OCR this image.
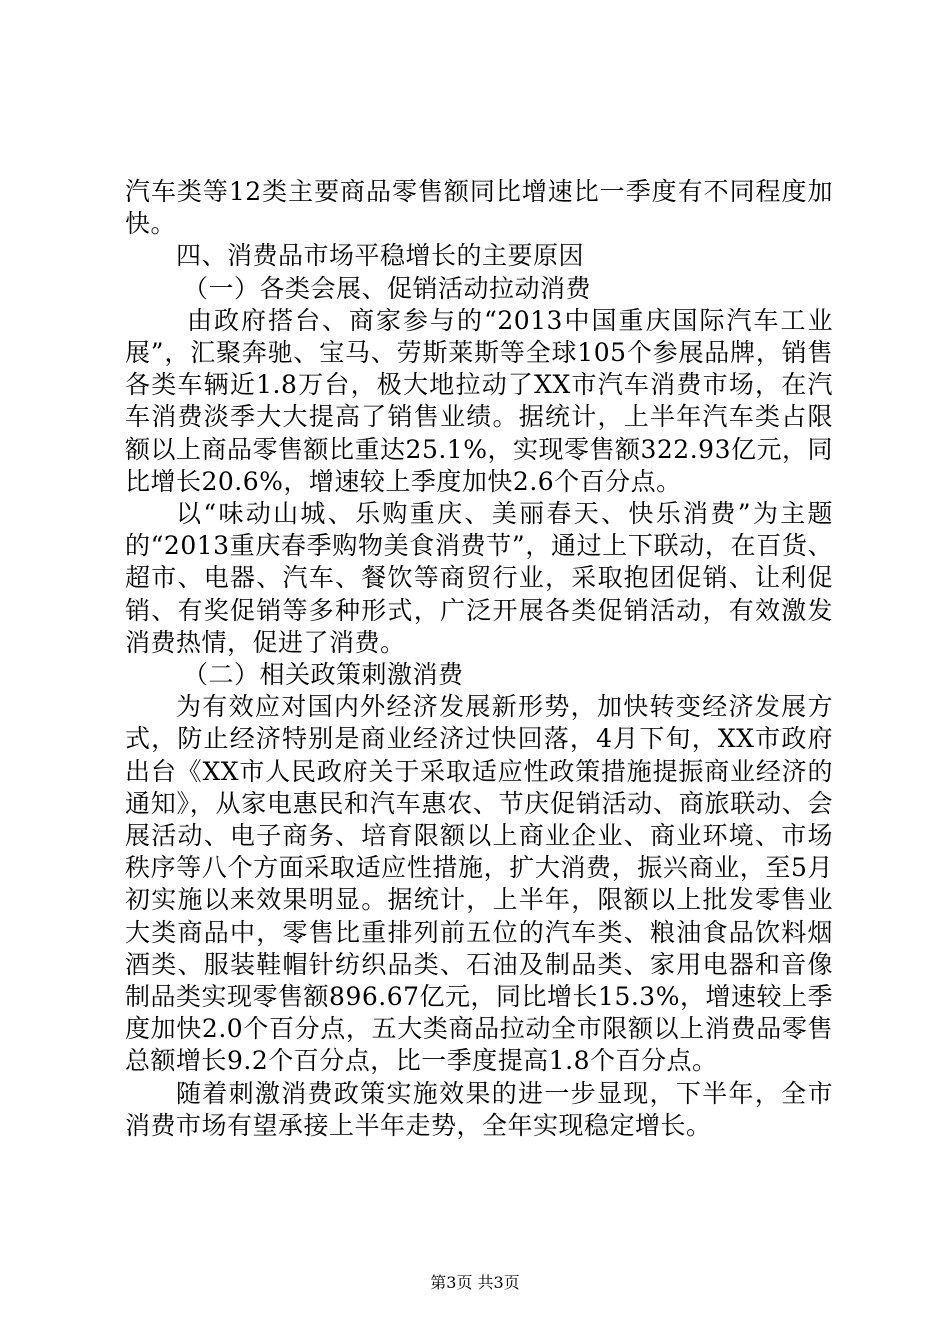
汽车类等12类主要商品零售额同比增速比一季度有不同程度加快。

四、消费品市场平稳增长的主要原因

（一）各类会展、促销活动拉动消费

由政府搭台、商家参与的“2013中国重庆国际汽车工业展”，汇聚奔驰、宝马、劳斯莱斯等全球105个参展品牌，销售各类车辆近1.8万台，极大地拉动了XX市汽车消费市场，在汽车消费淡季大大提高了销售业绩。据统计，上半年汽车类占限额以上商品零售额比重达25.1%，实现零售额322.93亿元，同比增长20.6%，增速较上季度加快2.6个百分点。

以“味动山城、乐购重庆、美丽春天、快乐消费”为主题的“2013重庆春季购物美食消费节”，通过上下联动，在百货、超市、电器、汽车、餐饮等商贸行业，采取抱团促销、让利促销、有奖促销等多种形式，广泛开展各类促销活动，有效激发消费热情，促进了消费。

（二）相关政策刺激消费

为有效应对国内外经济发展新形势，加快转变经济发展方式，防止经济特别是商业经济过快回落，4月下旬，XX市政府出台《XX市人民政府关于采取适应性政策措施提振商业经济的通知》，从家电惠民和汽车惠农、节庆促销活动、商旅联动、会展活动、电子商务、培育限额以上商业企业、商业环境、市场秩序等八个方面采取适应性措施，扩大消费，振兴商业，至5月初实施以来效果明显。据统计，上半年，限额以上批发零售业大类商品中，零售比重排列前五位的汽车类、粮油食品饮料烟酒类、服装鞋帽针纺织品类、石油及制品类、家用电器和音像制品类实现零售额896.67亿元，同比增长15.3%，增速较上季度加快2.0个百分点，五大类商品拉动全市限额以上消费品零售总额增长9.2个百分点，比一季度提高1.8个百分点。

随着刺激消费政策实施效果的进一步显现，下半年，全市消费市场有望承接上半年走势，全年实现稳定增长。

第3页 共3页
